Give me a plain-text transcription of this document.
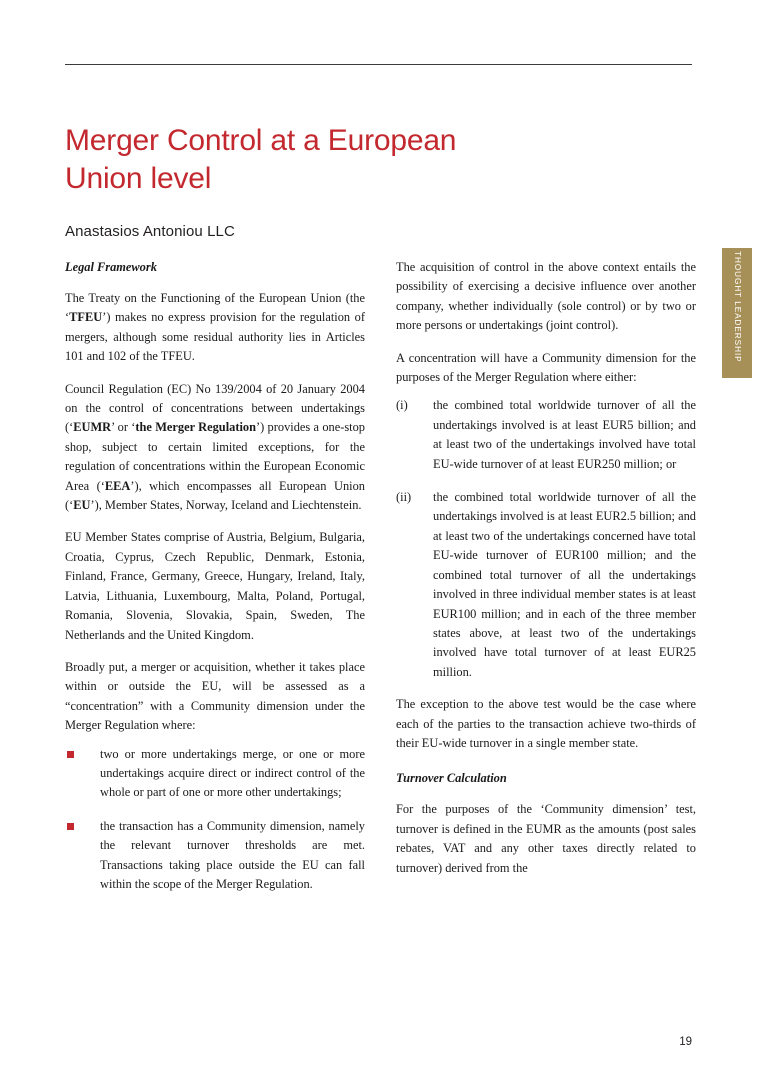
Merger Control at a European
Union level
Anastasios Antoniou LLC

Legal Framework

The Treaty on the Functioning of the European Union (the ‘TFEU’) makes no express provision for the regulation of mergers, although some residual authority lies in Articles 101 and 102 of the TFEU.

Council Regulation (EC) No 139/2004 of 20 January 2004 on the control of concentrations between undertakings (‘EUMR’ or ‘the Merger Regulation’) provides a one-stop shop, subject to certain limited exceptions, for the regulation of concentrations within the European Economic Area (‘EEA’), which encompasses all European Union (‘EU’), Member States, Norway, Iceland and Liechtenstein.

EU Member States comprise of Austria, Belgium, Bulgaria, Croatia, Cyprus, Czech Republic, Denmark, Estonia, Finland, France, Germany, Greece, Hungary, Ireland, Italy, Latvia, Lithuania, Luxembourg, Malta, Poland, Portugal, Romania, Slovenia, Slovakia, Spain, Sweden, The Netherlands and the United Kingdom.

Broadly put, a merger or acquisition, whether it takes place within or outside the EU, will be assessed as a “concentration” with a Community dimension under the Merger Regulation where:

two or more undertakings merge, or one or more undertakings acquire direct or indirect control of the whole or part of one or more other undertakings;
the transaction has a Community dimension, namely the relevant turnover thresholds are met. Transactions taking place outside the EU can fall within the scope of the Merger Regulation.

The acquisition of control in the above context entails the possibility of exercising a decisive influence over another company, whether individually (sole control) or by two or more persons or undertakings (joint control).

A concentration will have a Community dimension for the purposes of the Merger Regulation where either:

(i)	the combined total worldwide turnover of all the undertakings involved is at least EUR5 billion; and at least two of the undertakings involved have total EU-wide turnover of at least EUR250 million; or
(ii)	the combined total worldwide turnover of all the undertakings involved is at least EUR2.5 billion; and at least two of the undertakings concerned have total EU-wide turnover of EUR100 million; and the combined total turnover of all the undertakings involved in three individual member states is at least EUR100 million; and in each of the three member states above, at least two of the undertakings involved have total turnover of at least EUR25 million.

The exception to the above test would be the case where each of the parties to the transaction achieve two-thirds of their EU-wide turnover in a single member state.

Turnover Calculation

For the purposes of the ‘Community dimension’ test, turnover is defined in the EUMR as the amounts (post sales rebates, VAT and any other taxes directly related to turnover) derived from the

THOUGHT LEADERSHIP
19
